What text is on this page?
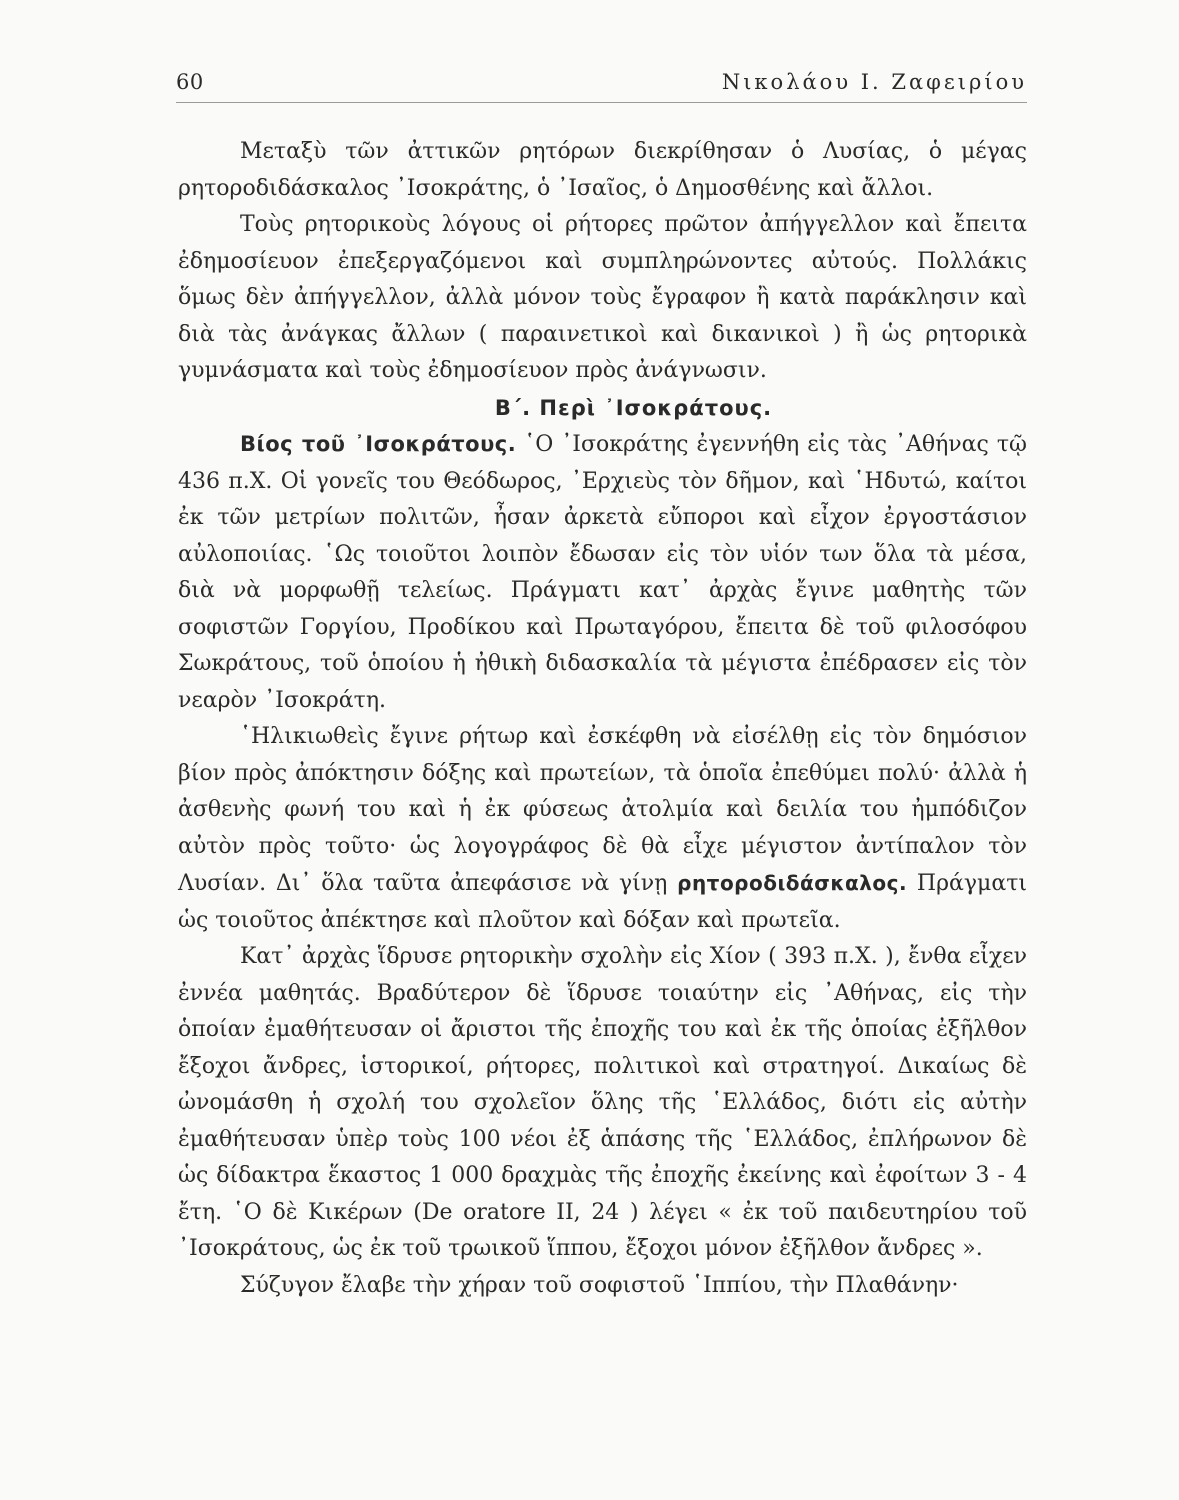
60	Νικολάου Ι. Ζαφειρίου

Μεταξὺ τῶν ἀττικῶν ρητόρων διεκρίθησαν ὁ Λυσίας, ὁ μέγας ρητοροδιδάσκαλος ᾿Ισοκράτης, ὁ ᾿Ισαῖος, ὁ Δημοσθένης καὶ ἄλλοι.

Τοὺς ρητορικοὺς λόγους οἱ ρήτορες πρῶτον ἀπήγγελλον καὶ ἔπειτα ἐδημοσίευον ἐπεξεργαζόμενοι καὶ συμπληρώνοντες αὐτούς. Πολλάκις ὅμως δὲν ἀπήγγελλον, ἀλλὰ μόνον τοὺς ἔγραφον ἢ κατὰ παράκλησιν καὶ διὰ τὰς ἀνάγκας ἄλλων ( παραινετικοὶ καὶ δικανικοὶ ) ἢ ὡς ρητορικὰ γυμνάσματα καὶ τοὺς ἐδημοσίευον πρὸς ἀνάγνωσιν.

Β΄. Περὶ ᾿Ισοκράτους.

Βίος τοῦ ᾿Ισοκράτους. ῾Ο ᾿Ισοκράτης ἐγεννήθη εἰς τὰς ᾿Αθήνας τῷ 436 π.Χ. Οἱ γονεῖς του Θεόδωρος, ᾿Ερχιεὺς τὸν δῆμον, καὶ ῾Ηδυτώ, καίτοι ἐκ τῶν μετρίων πολιτῶν, ἦσαν ἀρκετὰ εὔποροι καὶ εἶχον ἐργοστάσιον αὐλοποιίας. ῾Ως τοιοῦτοι λοιπὸν ἔδωσαν εἰς τὸν υἱόν των ὅλα τὰ μέσα, διὰ νὰ μορφωθῇ τελείως. Πράγματι κατ᾿ ἀρχὰς ἔγινε μαθητὴς τῶν σοφιστῶν Γοργίου, Προδίκου καὶ Πρωταγόρου, ἔπειτα δὲ τοῦ φιλοσόφου Σωκράτους, τοῦ ὁποίου ἡ ἠθικὴ διδασκαλία τὰ μέγιστα ἐπέδρασεν εἰς τὸν νεαρὸν ᾿Ισοκράτη.

῾Ηλικιωθεὶς ἔγινε ρήτωρ καὶ ἐσκέφθη νὰ εἰσέλθῃ εἰς τὸν δημόσιον βίον πρὸς ἀπόκτησιν δόξης καὶ πρωτείων, τὰ ὁποῖα ἐπεθύμει πολύ· ἀλλὰ ἡ ἀσθενὴς φωνή του καὶ ἡ ἐκ φύσεως ἀτολμία καὶ δειλία του ἠμπόδιζον αὐτὸν πρὸς τοῦτο· ὡς λογογράφος δὲ θὰ εἶχε μέγιστον ἀντίπαλον τὸν Λυσίαν. Δι᾿ ὅλα ταῦτα ἀπεφάσισε νὰ γίνῃ ρητοροδιδάσκαλος. Πράγματι ὡς τοιοῦτος ἀπέκτησε καὶ πλοῦτον καὶ δόξαν καὶ πρωτεῖα.

Κατ᾿ ἀρχὰς ἵδρυσε ρητορικὴν σχολὴν εἰς Χίον ( 393 π.Χ. ), ἔνθα εἶχεν ἐννέα μαθητάς. Βραδύτερον δὲ ἵδρυσε τοιαύτην εἰς ᾿Αθήνας, εἰς τὴν ὁποίαν ἐμαθήτευσαν οἱ ἄριστοι τῆς ἐποχῆς του καὶ ἐκ τῆς ὁποίας ἐξῆλθον ἔξοχοι ἄνδρες, ἱστορικοί, ρήτορες, πολιτικοὶ καὶ στρατηγοί. Δικαίως δὲ ὠνομάσθη ἡ σχολή του σχολεῖον ὅλης τῆς ῾Ελλάδος, διότι εἰς αὐτὴν ἐμαθήτευσαν ὑπὲρ τοὺς 100 νέοι ἐξ ἁπάσης τῆς ῾Ελλάδος, ἐπλήρωνον δὲ ὡς δίδακτρα ἕκαστος 1 000 δραχμὰς τῆς ἐποχῆς ἐκείνης καὶ ἐφοίτων 3 - 4 ἔτη. ῾Ο δὲ Κικέρων (De oratore II, 24 ) λέγει « ἐκ τοῦ παιδευτηρίου τοῦ ᾿Ισοκράτους, ὡς ἐκ τοῦ τρωικοῦ ἵππου, ἔξοχοι μόνον ἐξῆλθον ἄνδρες ».

Σύζυγον ἔλαβε τὴν χήραν τοῦ σοφιστοῦ ῾Ιππίου, τὴν Πλαθάνην·
